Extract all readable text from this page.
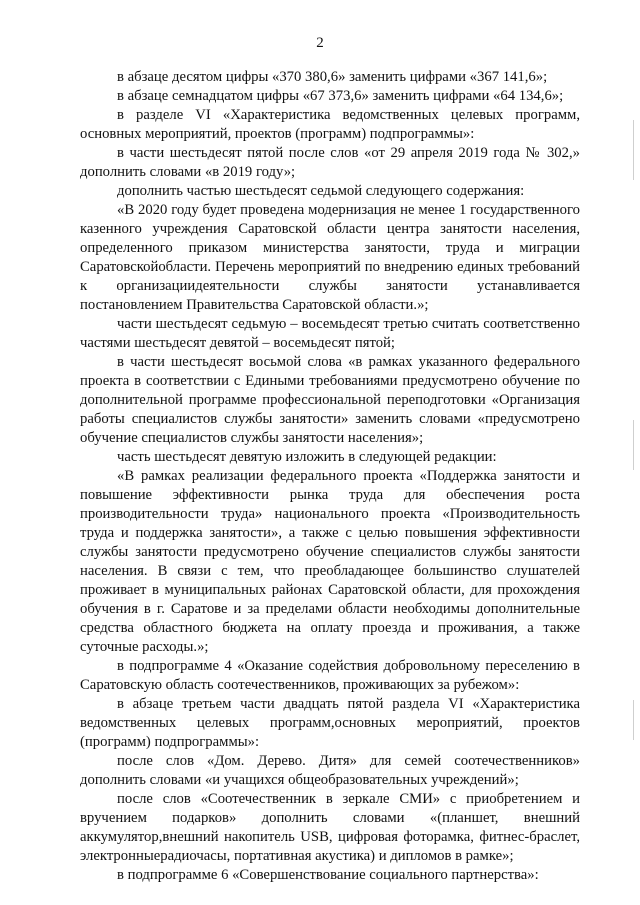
2

в абзаце десятом цифры «370 380,6» заменить цифрами «367 141,6»;

в абзаце семнадцатом цифры «67 373,6» заменить цифрами «64 134,6»;

в разделе VI «Характеристика ведомственных целевых программ, основных мероприятий, проектов (программ) подпрограммы»:

в части шестьдесят пятой после слов «от 29 апреля 2019 года № 302,» дополнить словами «в 2019 году»;

дополнить частью шестьдесят седьмой следующего содержания:

«В 2020 году будет проведена модернизация не менее 1 государственного казенного учреждения Саратовской области центра занятости населения, определенного приказом министерства занятости, труда и миграции Саратовскойобласти. Перечень мероприятий по внедрению единых требований к организациидеятельности службы занятости устанавливается постановлением Правительства Саратовской области.»;

части шестьдесят седьмую – восемьдесят третью считать соответственно частями шестьдесят девятой – восемьдесят пятой;

в части шестьдесят восьмой слова «в рамках указанного федерального проекта в соответствии с Едиными требованиями предусмотрено обучение по дополнительной программе профессиональной переподготовки «Организация работы специалистов службы занятости» заменить словами «предусмотрено обучение специалистов службы занятости населения»;

часть шестьдесят девятую изложить в следующей редакции:

«В рамках реализации федерального проекта «Поддержка занятости и повышение эффективности рынка труда для обеспечения роста производительности труда» национального проекта «Производительность труда и поддержка занятости», а также с целью повышения эффективности службы занятости предусмотрено обучение специалистов службы занятости населения. В связи с тем, что преобладающее большинство слушателей проживает в муниципальных районах Саратовской области, для прохождения обучения в г. Саратове и за пределами области необходимы дополнительные средства областного бюджета на оплату проезда и проживания, а также суточные расходы.»;

в подпрограмме 4 «Оказание содействия добровольному переселению в Саратовскую область соотечественников, проживающих за рубежом»:

в абзаце третьем части двадцать пятой раздела VI «Характеристика ведомственных целевых программ,основных мероприятий, проектов (программ) подпрограммы»:

после слов «Дом. Дерево. Дитя» для семей соотечественников» дополнить словами «и учащихся общеобразовательных учреждений»;

после слов «Соотечественник в зеркале СМИ» с приобретением и вручением подарков» дополнить словами «(планшет, внешний аккумулятор,внешний накопитель USB, цифровая фоторамка, фитнес-браслет, электронныерадиочасы, портативная акустика) и дипломов в рамке»;

в подпрограмме 6 «Совершенствование социального партнерства»:
